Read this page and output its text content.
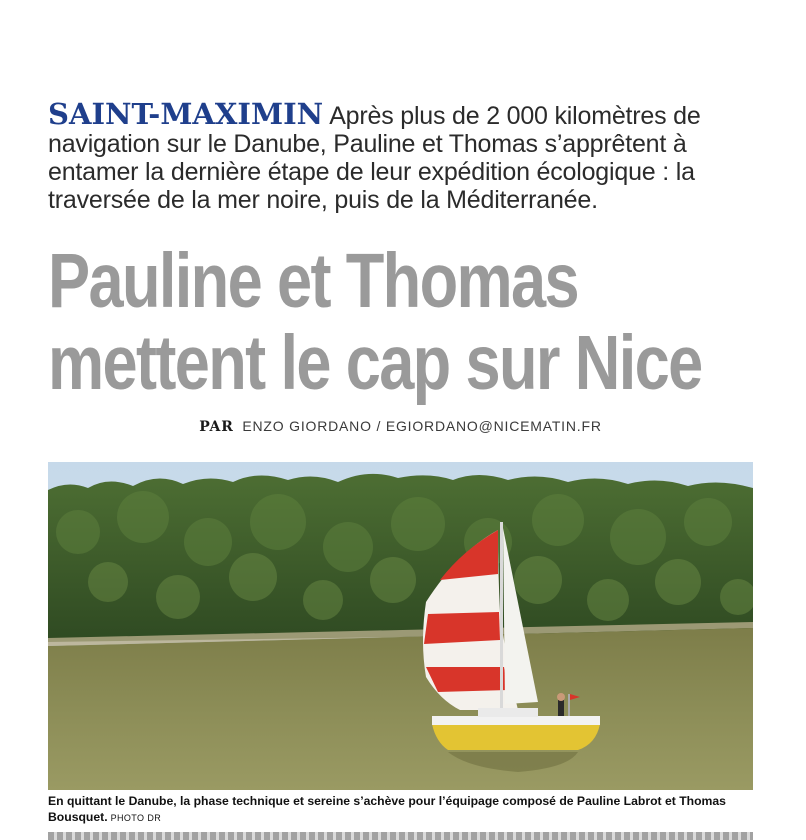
SAINT-MAXIMIN Après plus de 2 000 kilomètres de navigation sur le Danube, Pauline et Thomas s’apprêtent à entamer la dernière étape de leur expédition écologique : la traversée de la mer noire, puis de la Méditerranée.

Pauline et Thomas
mettent le cap sur Nice
PAR ENZO GIORDANO / EGIORDANO@NICEMATIN.FR
En quittant le Danube, la phase technique et sereine s’achève pour l’équipage composé de Pauline Labrot et Thomas Bousquet. PHOTO DR
